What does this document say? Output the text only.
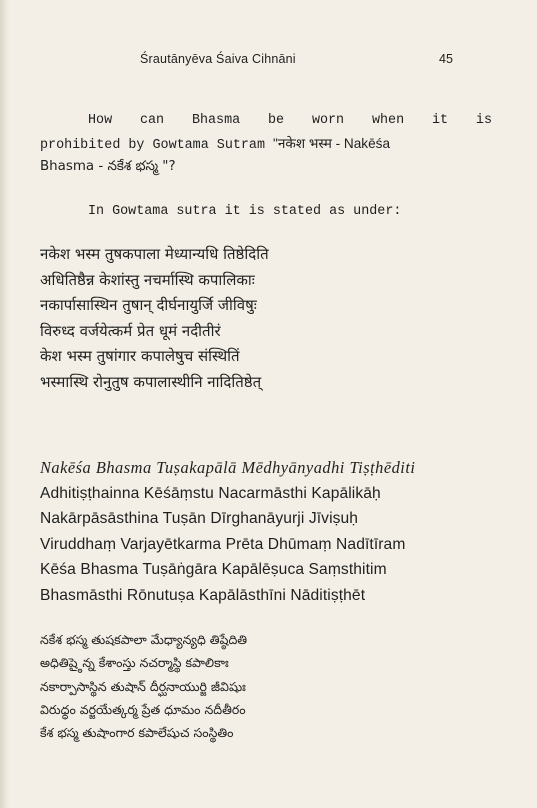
Śrautānyēva Śaiva Cihnāni	45
How can Bhasma be worn when it is
prohibited by Gowtama Sutram "नकेश भस्म - Nakēśa
Bhasma - నకేశ భస్మ "?
In Gowtama sutra it is stated as under:
नकेश भस्म तुषकपाला मेध्यान्यधि तिष्ठेदिति
अधितिष्ठैन्न केशांस्तु नचर्मास्थि कपालिकाः
नकार्पासास्थिन तुषान् दीर्घनायुर्जि जीविषुः
विरुध्द वर्जयेत्कर्म प्रेत धूमं नदीतीरं
केश भस्म तुषांगार कपालेषुच संस्थितिं
भस्मास्थि रोनुतुष कपालास्थीनि नादितिष्ठेत्
Nakēśa Bhasma Tuṣakapālā Mēdhyānyadhi Tiṣṭhēditi
Adhitiṣṭhainna Kēśāṃstu Nacarmāsthi Kapālikāḥ
Nakārpāsāsthina Tuṣān Dīrghanāyurji Jīviṣuḥ
Viruddhaṃ Varjayētkarma Prēta Dhūmaṃ Nadītīram
Kēśa Bhasma Tuṣāṅgāra Kapālēṣuca Saṃsthitim
Bhasmāsthi Rōnutuṣa Kapālāsthīni Nāditiṣṭhēt
నకేశ భస్మ తుషకపాలా మేధ్యాన్యధి తిష్ఠేదితి
అధితిష్ఠైన్న కేశాంస్తు నచర్మాస్థి కపాలికాః
నకార్పాసాస్థిన తుషాన్ దీర్ఘనాయుర్జి జీవిషుః
విరుధ్ధం వర్జయేత్కర్మ ప్రేత ధూమం నదీతీరం
కేశ భస్మ తుషాంగార కపాలేషుచ సంస్థితిం
